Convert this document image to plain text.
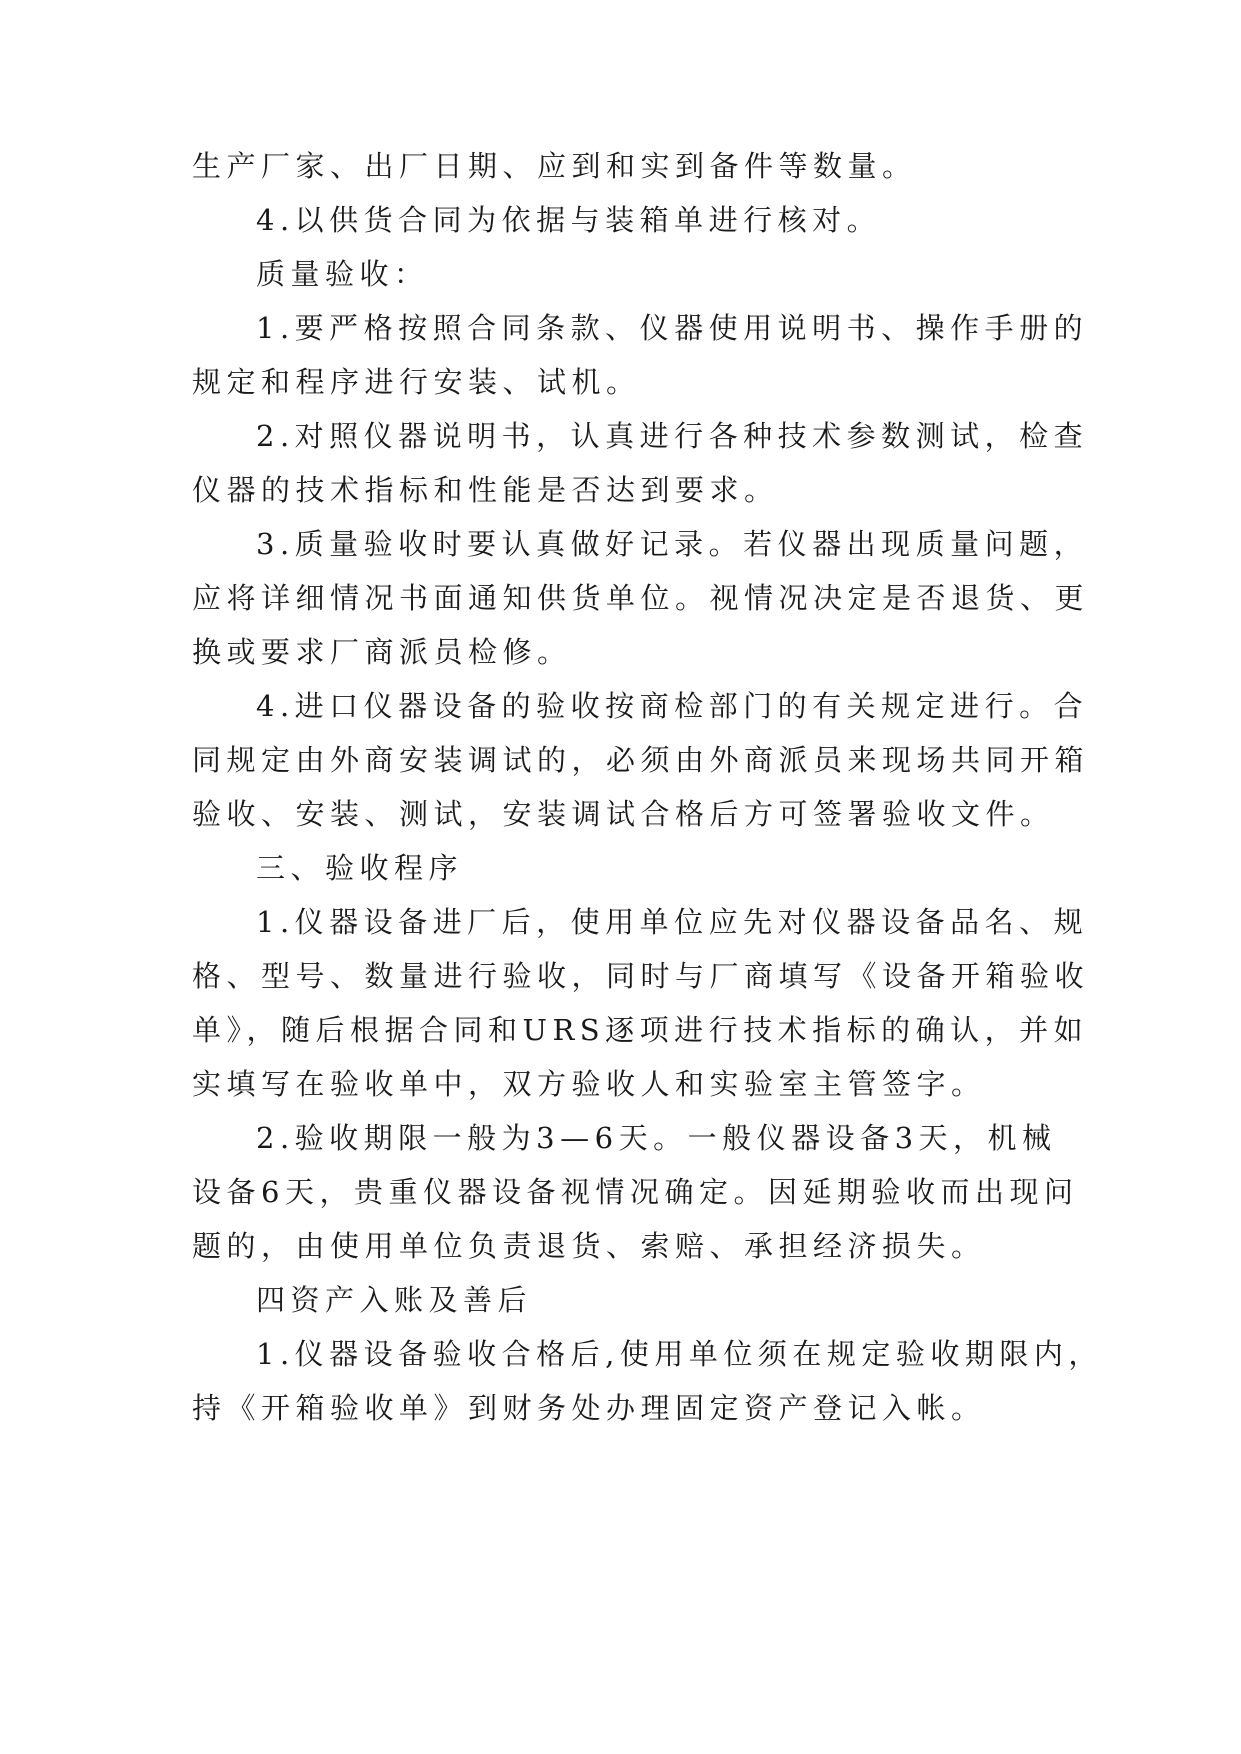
生产厂家、出厂日期、应到和实到备件等数量。
4.以供货合同为依据与装箱单进行核对。
质量验收：
1.要严格按照合同条款、仪器使用说明书、操作手册的
规定和程序进行安装、试机。
2.对照仪器说明书，认真进行各种技术参数测试，检查
仪器的技术指标和性能是否达到要求。
3.质量验收时要认真做好记录。若仪器出现质量问题，
应将详细情况书面通知供货单位。视情况决定是否退货、更
换或要求厂商派员检修。
4.进口仪器设备的验收按商检部门的有关规定进行。合
同规定由外商安装调试的，必须由外商派员来现场共同开箱
验收、安装、测试，安装调试合格后方可签署验收文件。
三、验收程序
1.仪器设备进厂后，使用单位应先对仪器设备品名、规
格、型号、数量进行验收，同时与厂商填写《设备开箱验收
单》，随后根据合同和URS逐项进行技术指标的确认，并如
实填写在验收单中，双方验收人和实验室主管签字。
2.验收期限一般为3—6天。一般仪器设备3天，机械
设备6天，贵重仪器设备视情况确定。因延期验收而出现问
题的，由使用单位负责退货、索赔、承担经济损失。
四资产入账及善后
1.仪器设备验收合格后,使用单位须在规定验收期限内，
持《开箱验收单》到财务处办理固定资产登记入帐。
